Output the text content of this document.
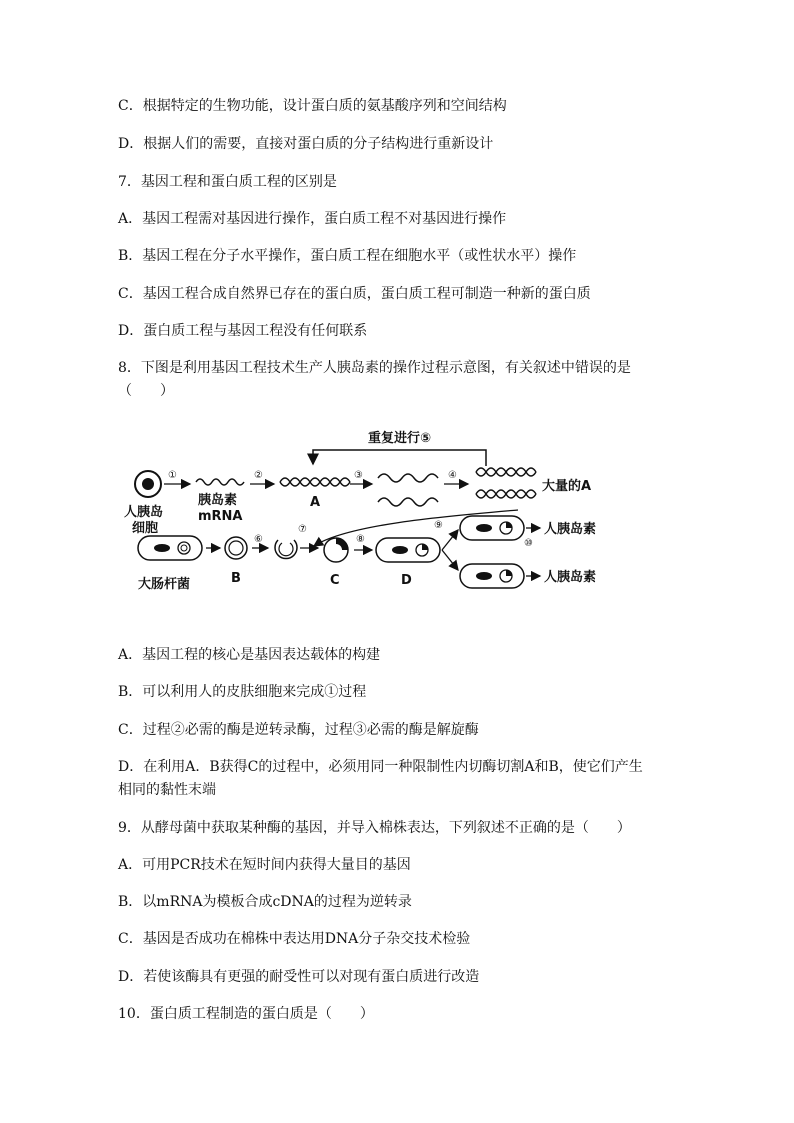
C．根据特定的生物功能，设计蛋白质的氨基酸序列和空间结构
D．根据人们的需要，直接对蛋白质的分子结构进行重新设计
7．基因工程和蛋白质工程的区别是
A．基因工程需对基因进行操作，蛋白质工程不对基因进行操作
B．基因工程在分子水平操作，蛋白质工程在细胞水平（或性状水平）操作
C．基因工程合成自然界已存在的蛋白质，蛋白质工程可制造一种新的蛋白质
D．蛋白质工程与基因工程没有任何联系
8．下图是利用基因工程技术生产人胰岛素的操作过程示意图，有关叙述中错误的是
（　　）
重复进行⑤
①
人胰岛
细胞
胰岛素
mRNA
②
A
③	④
大量的A
大肠杆菌	B
⑥
⑦
C
⑧
D
⑨	人胰岛素
⑩
人胰岛素
A．基因工程的核心是基因表达载体的构建
B．可以利用人的皮肤细胞来完成①过程
C．过程②必需的酶是逆转录酶，过程③必需的酶是解旋酶
D．在利用A．B获得C的过程中，必须用同一种限制性内切酶切割A和B，使它们产生
相同的黏性末端
9．从酵母菌中获取某种酶的基因，并导入棉株表达，下列叙述不正确的是（　　）
A．可用PCR技术在短时间内获得大量目的基因
B．以mRNA为模板合成cDNA的过程为逆转录
C．基因是否成功在棉株中表达用DNA分子杂交技术检验
D．若使该酶具有更强的耐受性可以对现有蛋白质进行改造
10．蛋白质工程制造的蛋白质是（　　）
